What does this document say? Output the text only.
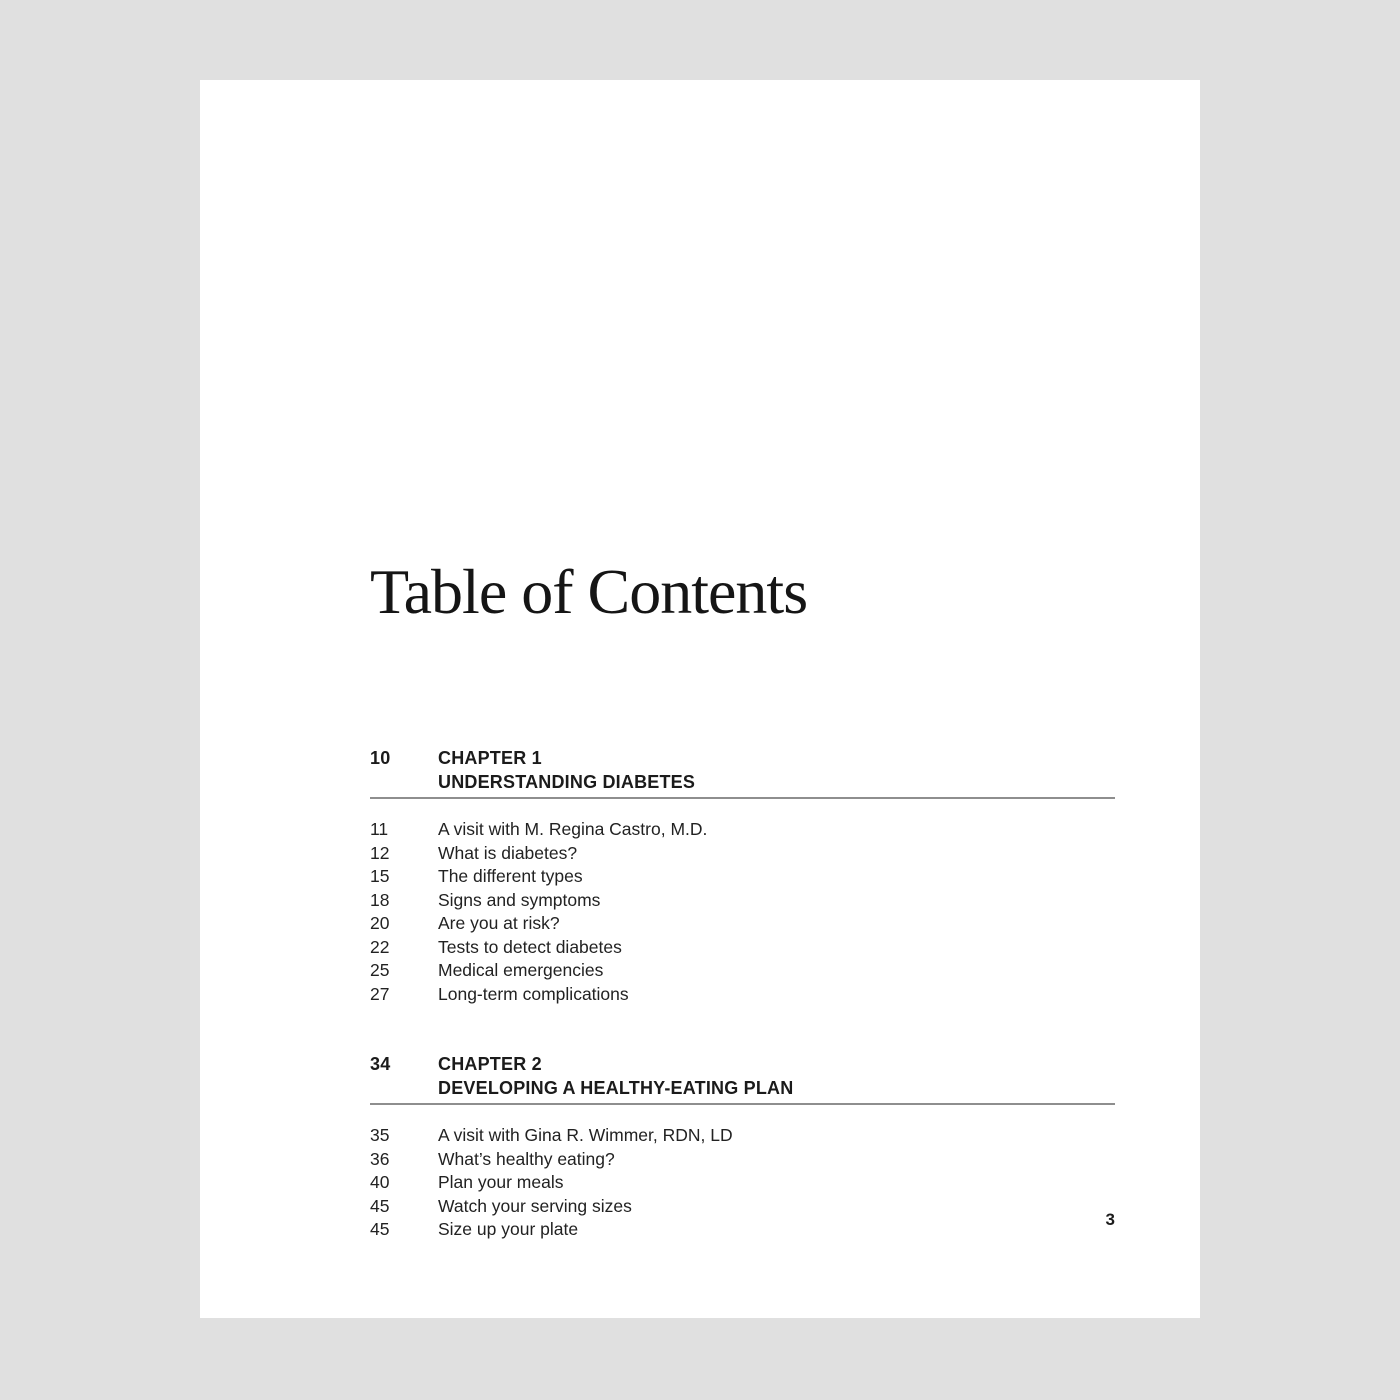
Table of Contents
10	CHAPTER 1
UNDERSTANDING DIABETES
11	A visit with M. Regina Castro, M.D.
12	What is diabetes?
15	The different types
18	Signs and symptoms
20	Are you at risk?
22	Tests to detect diabetes
25	Medical emergencies
27	Long-term complications
34	CHAPTER 2
DEVELOPING A HEALTHY-EATING PLAN
35	A visit with Gina R. Wimmer, RDN, LD
36	What’s healthy eating?
40	Plan your meals
45	Watch your serving sizes
45	Size up your plate	3
